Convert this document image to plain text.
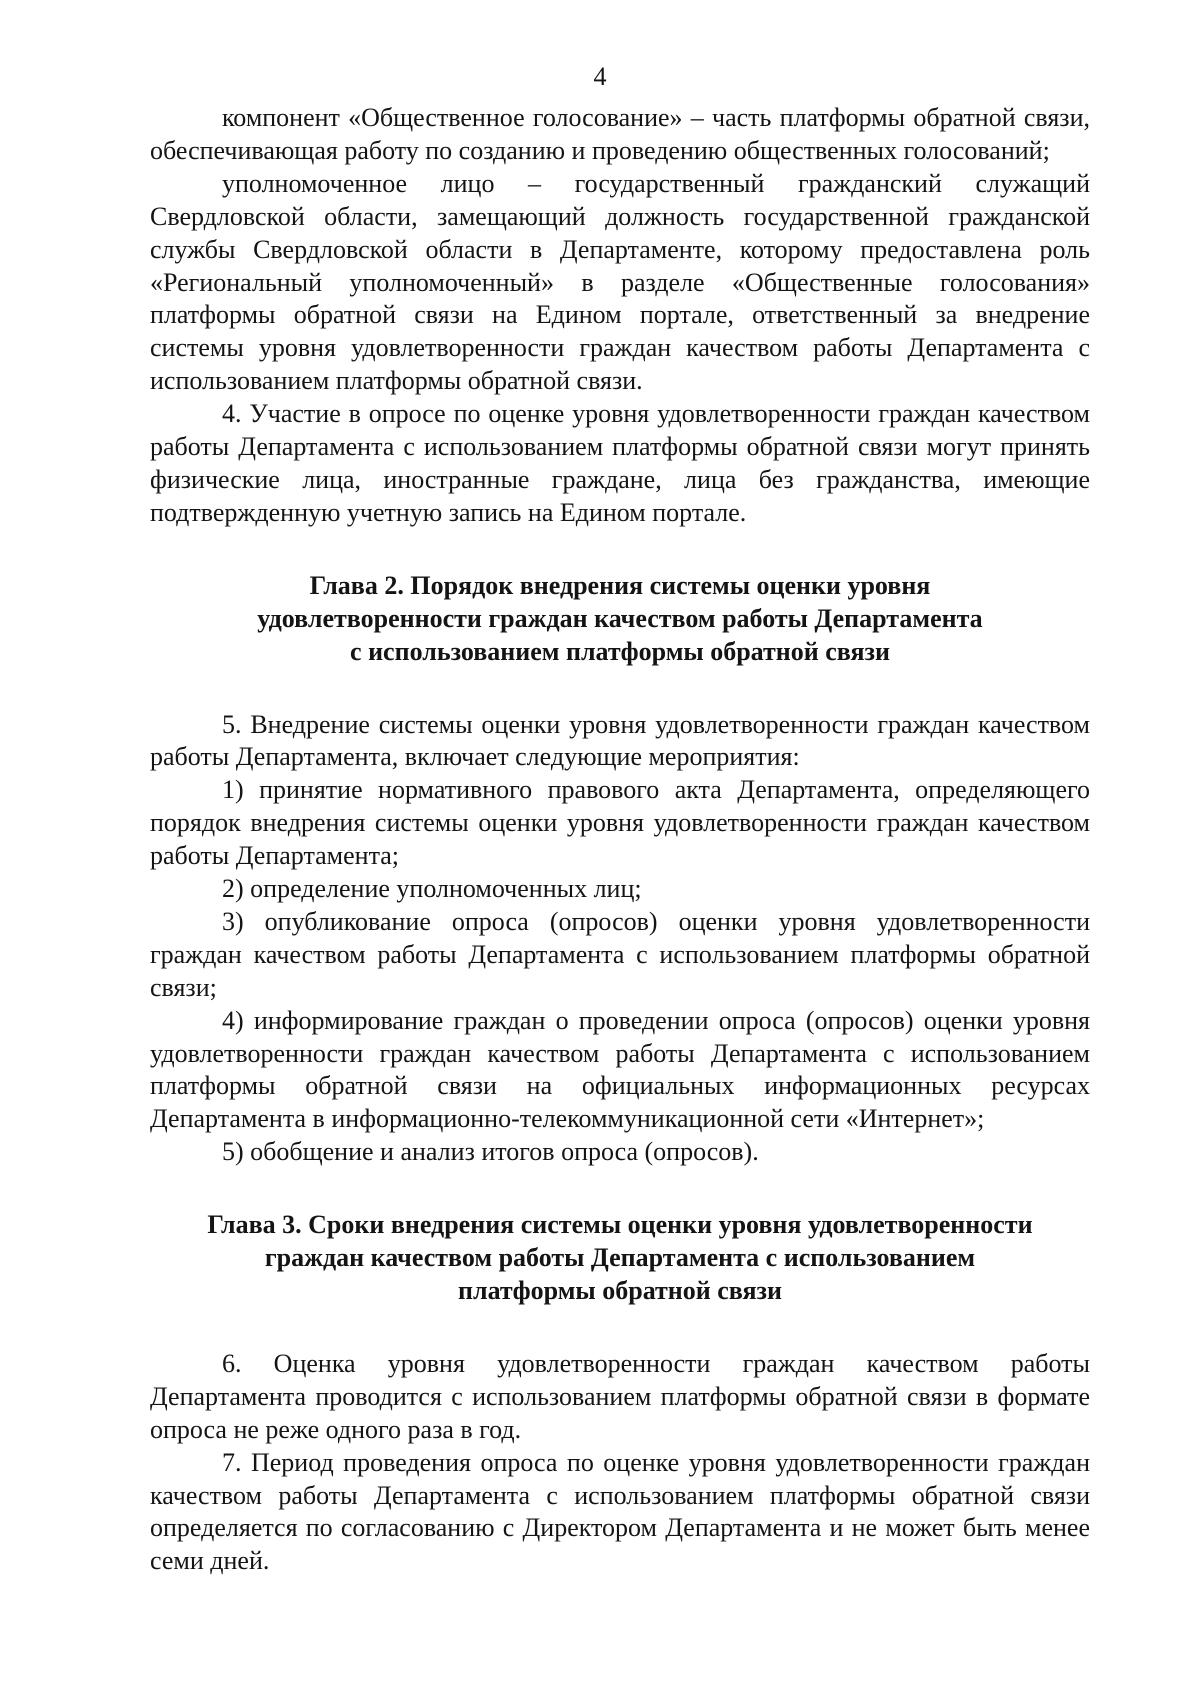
4

компонент «Общественное голосование» – часть платформы обратной связи, обеспечивающая работу по созданию и проведению общественных голосований;

уполномоченное лицо – государственный гражданский служащий Свердловской области, замещающий должность государственной гражданской службы Свердловской области в Департаменте, которому предоставлена роль «Региональный уполномоченный» в разделе «Общественные голосования» платформы обратной связи на Едином портале, ответственный за внедрение системы уровня удовлетворенности граждан качеством работы Департамента с использованием платформы обратной связи.

4. Участие в опросе по оценке уровня удовлетворенности граждан качеством работы Департамента с использованием платформы обратной связи могут принять физические лица, иностранные граждане, лица без гражданства, имеющие подтвержденную учетную запись на Едином портале.

Глава 2. Порядок внедрения системы оценки уровня
удовлетворенности граждан качеством работы Департамента
с использованием платформы обратной связи

5. Внедрение системы оценки уровня удовлетворенности граждан качеством работы Департамента, включает следующие мероприятия:

1) принятие нормативного правового акта Департамента, определяющего порядок внедрения системы оценки уровня удовлетворенности граждан качеством работы Департамента;

2) определение уполномоченных лиц;

3) опубликование опроса (опросов) оценки уровня удовлетворенности граждан качеством работы Департамента с использованием платформы обратной связи;

4) информирование граждан о проведении опроса (опросов) оценки уровня удовлетворенности граждан качеством работы Департамента с использованием платформы обратной связи на официальных информационных ресурсах Департамента в информационно-телекоммуникационной сети «Интернет»;

5) обобщение и анализ итогов опроса (опросов).

Глава 3. Сроки внедрения системы оценки уровня удовлетворенности
граждан качеством работы Департамента с использованием
платформы обратной связи

6. Оценка уровня удовлетворенности граждан качеством работы Департамента проводится с использованием платформы обратной связи в формате опроса не реже одного раза в год.

7. Период проведения опроса по оценке уровня удовлетворенности граждан качеством работы Департамента с использованием платформы обратной связи определяется по согласованию с Директором Департамента и не может быть менее семи дней.
